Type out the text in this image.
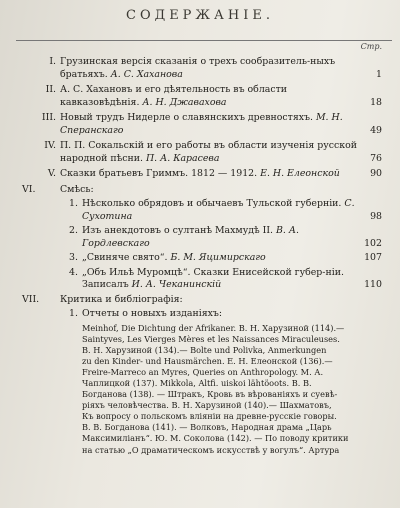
СОДЕРЖАНІЕ.
Стр.
I. Грузинская версія сказанія о трехъ сообразитель-ныхъ братьяхъ. А. С. Хаханова	1
II. А. С. Хахановъ и его дѣятельность въ области кавказовѣдѣнія. А. Н. Джавахова	18
III. Новый трудъ Нидерле о славянскихъ древностяхъ. М. Н. Сперанскаго	49
IV. П. П. Сокальскій и его работы въ области изученія русской народной пѣсни. П. А. Карасева	76
V. Сказки братьевъ Гриммъ. 1812 — 1912. Е. Н. Елеонской	90
VI.	Смѣсь:
1. Нѣсколько обрядовъ и обычаевъ Тульской губерніи. С. Сухотина	98
2. Изъ анекдотовъ о султанѣ Махмудѣ II. В. А. Гордлевскаго	102
3. „Свиняче свято“. Б. М. Яцимирскаго	107
4. „Объ Ильѣ Муромцѣ“. Сказки Енисейской губер-ніи. Записалъ И. А. Чеканинскій	110
VII.	Критика и библіографія:
1. Отчеты о новыхъ изданіяхъ:

Meinhof, Die Dichtung der Afrikaner. В. Н. Харузиной (114).—

Saintyves, Les Vierges Mères et les Naissances Miraculeuses.

В. Н. Харузиной (134).— Bolte und Polivka, Anmerkungen

zu den Kinder- und Hausmärchen. Е. Н. Елеонской (136).—

Freire-Marreco an Myres, Queries on Anthropology. М. А.

Чаплицкой (137). Mikkola, Altfi. uiskoi lähtöoots. В. В.

Богданова (138). — Штракъ, Кровь въ вѣрованіяхъ и суевѣ-

ріяхъ человѣчества. В. Н. Харузиной (140).— Шахматовъ,

Къ вопросу о польскомъ вліяніи на древне-русскіе говоры.

В. В. Богданова (141). — Волковъ, Народная драма „Царь

Максимиліанъ“. Ю. М. Соколова (142). — По поводу критики

на статью „О драматическомъ искусствѣ у вогулъ“. Артура
